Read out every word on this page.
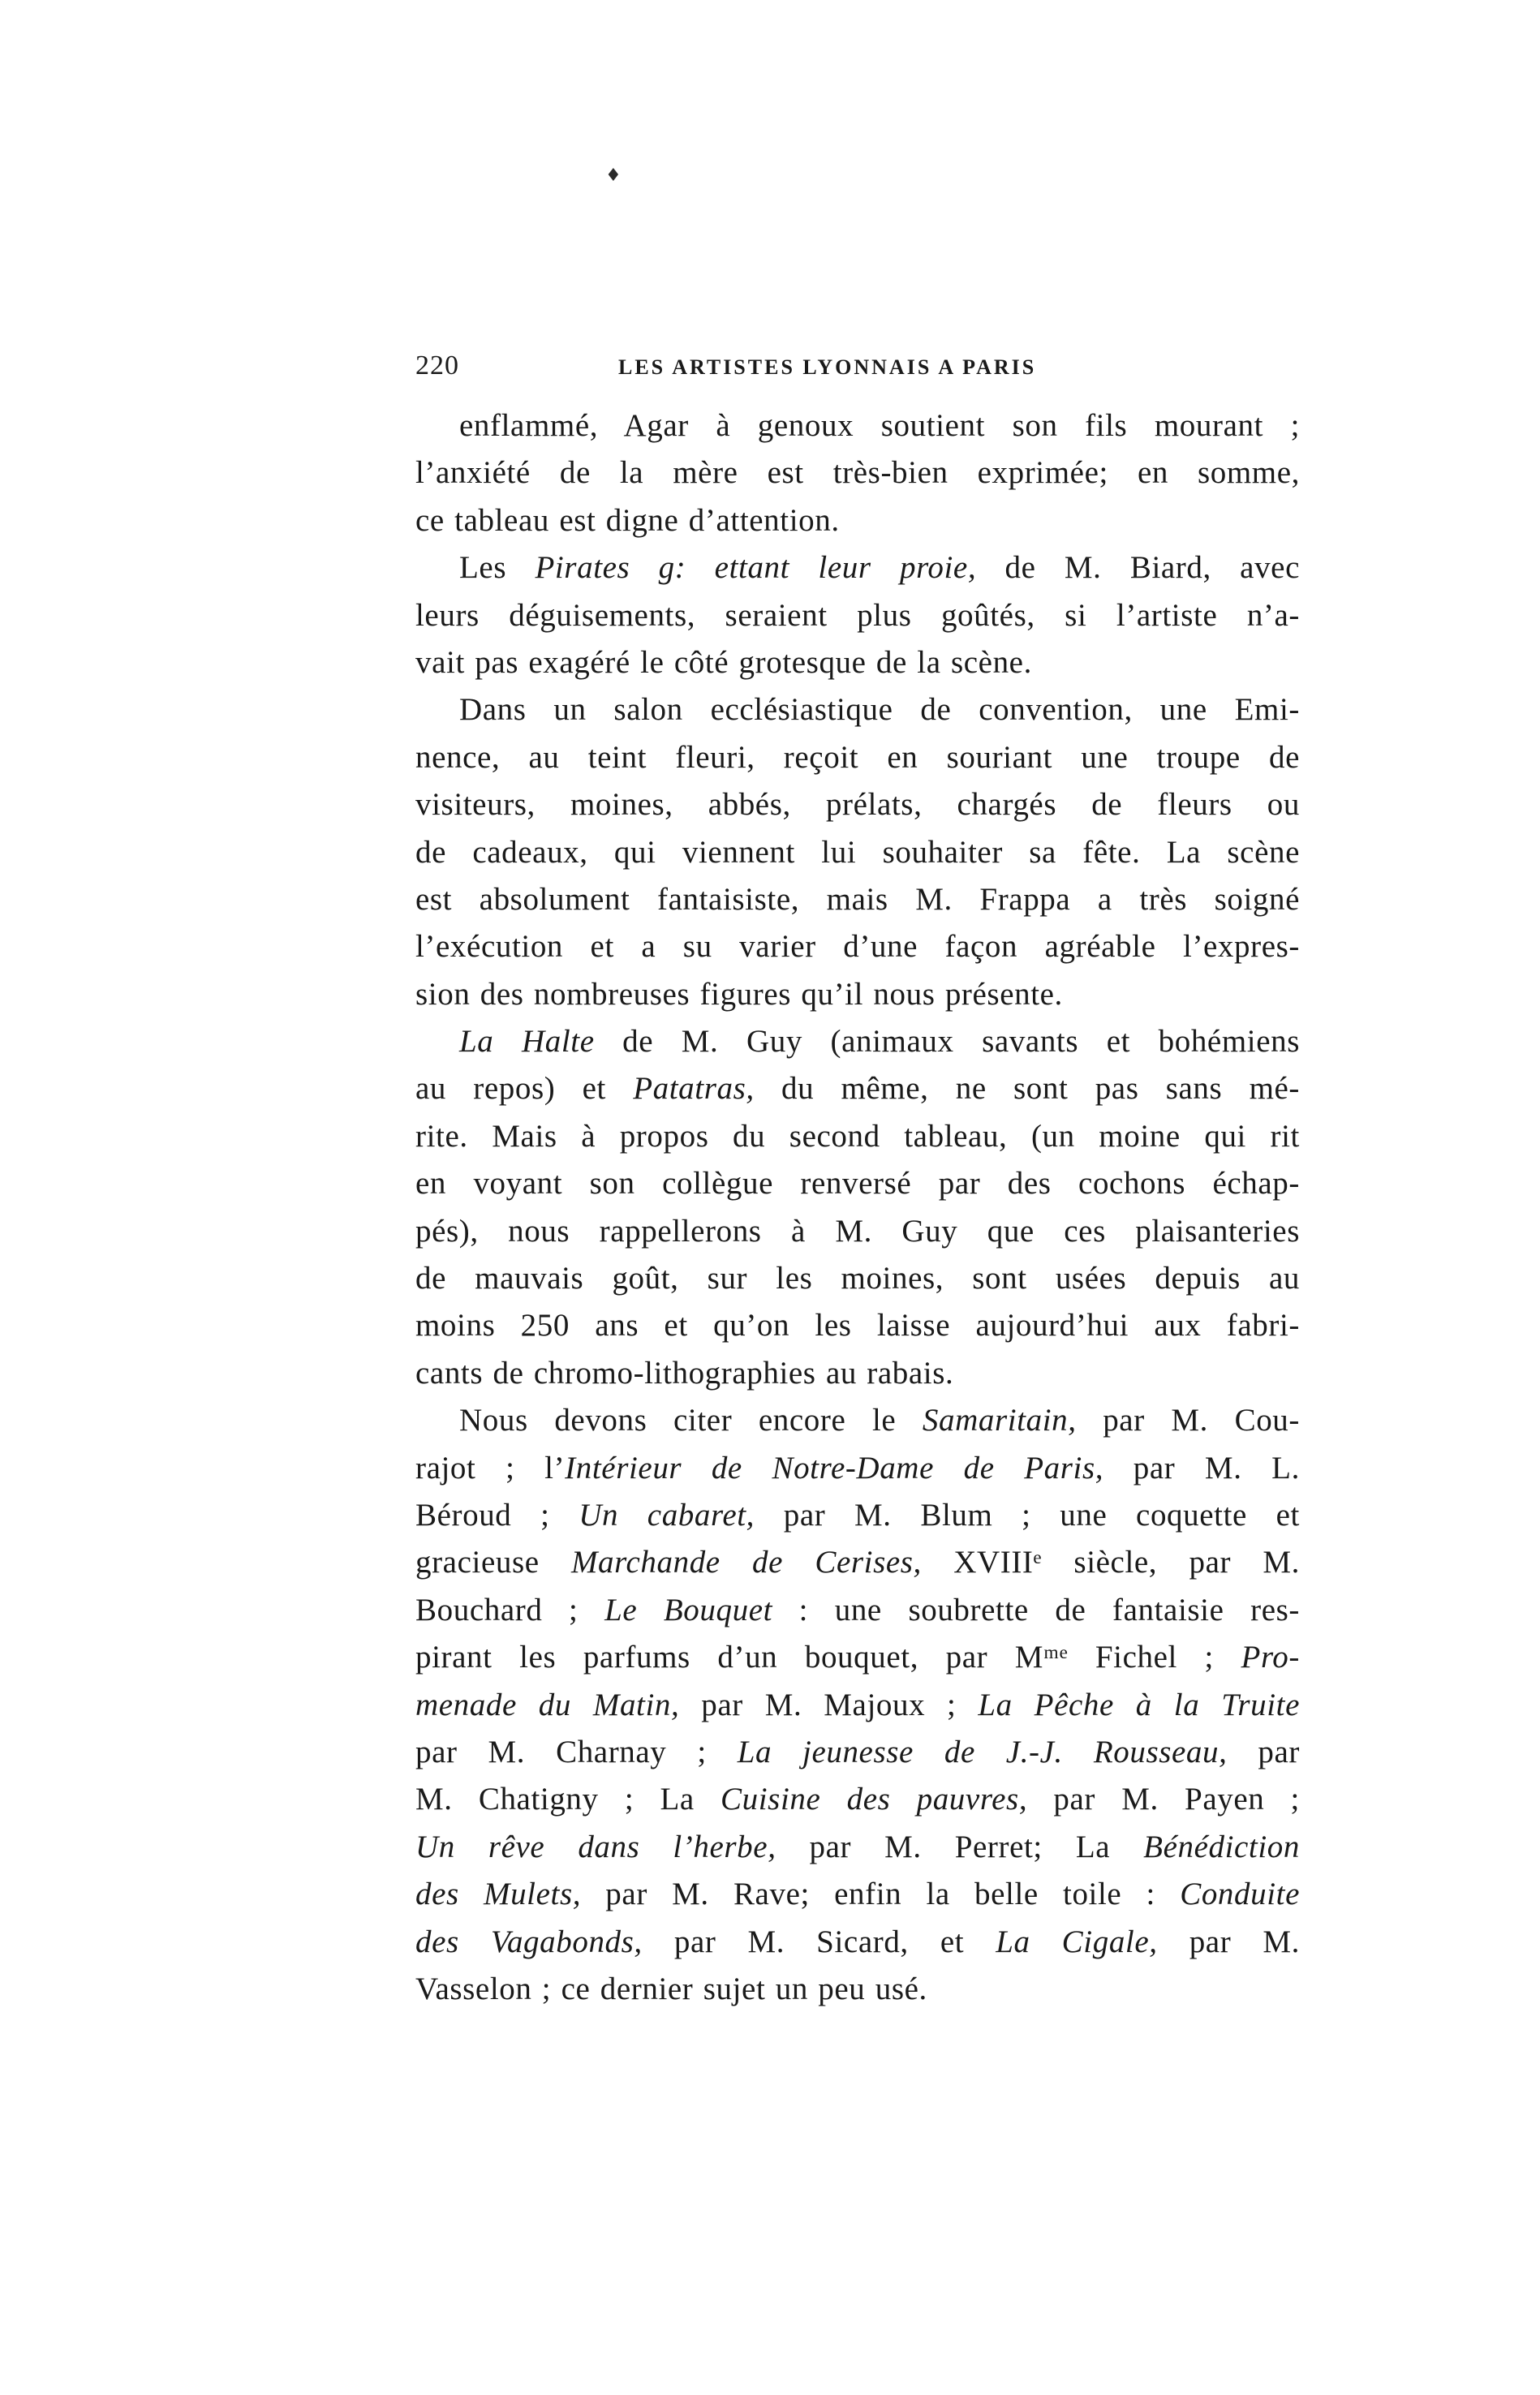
♦
220	LES ARTISTES LYONNAIS A PARIS
enflammé, Agar à genoux soutient son fils mourant ;
l’anxiété de la mère est très-bien exprimée; en somme,
ce tableau est digne d’attention.
Les Pirates g: ettant leur proie, de M. Biard, avec
leurs déguisements, seraient plus goûtés, si l’artiste n’a-
vait pas exagéré le côté grotesque de la scène.
Dans un salon ecclésiastique de convention, une Emi-
nence, au teint fleuri, reçoit en souriant une troupe de
visiteurs, moines, abbés, prélats, chargés de fleurs ou
de cadeaux, qui viennent lui souhaiter sa fête. La scène
est absolument fantaisiste, mais M. Frappa a très soigné
l’exécution et a su varier d’une façon agréable l’expres-
sion des nombreuses figures qu’il nous présente.
La Halte de M. Guy (animaux savants et bohémiens
au repos) et Patatras, du même, ne sont pas sans mé-
rite. Mais à propos du second tableau, (un moine qui rit
en voyant son collègue renversé par des cochons échap-
pés), nous rappellerons à M. Guy que ces plaisanteries
de mauvais goût, sur les moines, sont usées depuis au
moins 250 ans et qu’on les laisse aujourd’hui aux fabri-
cants de chromo-lithographies au rabais.
Nous devons citer encore le Samaritain, par M. Cou-
rajot ; l’Intérieur de Notre-Dame de Paris, par M. L.
Béroud ; Un cabaret, par M. Blum ; une coquette et
gracieuse Marchande de Cerises, XVIIIᵉ siècle, par M.
Bouchard ; Le Bouquet : une soubrette de fantaisie res-
pirant les parfums d’un bouquet, par Mᵐᵉ Fichel ; Pro-
menade du Matin, par M. Majoux ; La Pêche à la Truite
par M. Charnay ; La jeunesse de J.-J. Rousseau, par
M. Chatigny ; La Cuisine des pauvres, par M. Payen ;
Un rêve dans l’herbe, par M. Perret; La Bénédiction
des Mulets, par M. Rave; enfin la belle toile : Conduite
des Vagabonds, par M. Sicard, et La Cigale, par M.
Vasselon ; ce dernier sujet un peu usé.
